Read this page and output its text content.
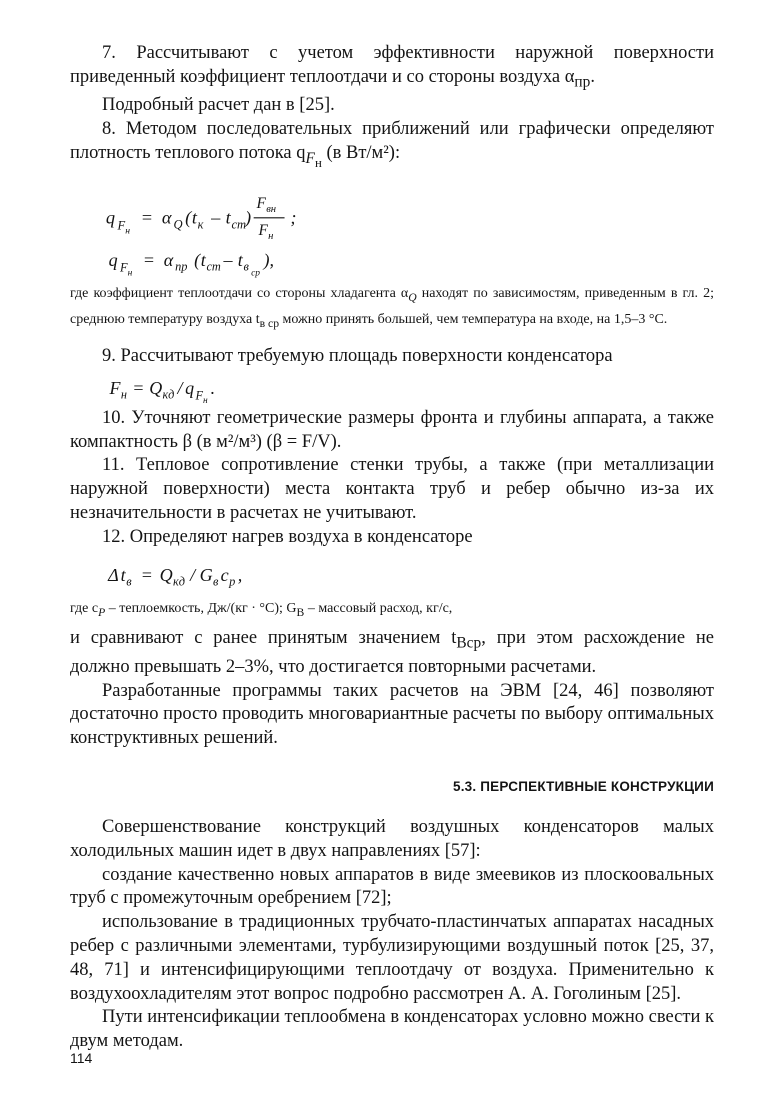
7. Рассчитывают с учетом эффективности наружной поверхности приведенный коэффициент теплоотдачи и со стороны воздуха $\alpha_{пр}$.

Подробный расчет дан в [25].

8. Методом последовательных приближений или графически определяют плотность теплового потока $q_{F_н}$ (в Вт/м²):

q F н
= α Q ( t к – t ст
)
F вн
F н
;
q F н
= α пр ( t ст – t в ср
),

где коэффициент теплоотдачи со стороны хладагента $\alpha_Q$ находят по зависимостям, приведенным в гл. 2; среднюю температуру воздуха $t_{в ср}$ можно принять большей, чем температура на входе, на 1,5–3 °С.

9. Рассчитывают требуемую площадь поверхности конденсатора

F н = Q кд / q F н
.

10. Уточняют геометрические размеры фронта и глубины аппарата, а также компактность β (в м²/м³) (β = F/V).

11. Тепловое сопротивление стенки трубы, а также (при металлизации наружной поверхности) места контакта труб и ребер обычно из-за их незначительности в расчетах не учитывают.

12. Определяют нагрев воздуха в конденсаторе

Δ t в = Q кд / G в c p ,

где $c_P$ – теплоемкость, Дж/(кг · °С); $G_В$ – массовый расход, кг/с,

и сравнивают с ранее принятым значением $t_{Вср}$, при этом расхождение не должно превышать 2–3%, что достигается повторными расчетами.

Разработанные программы таких расчетов на ЭВМ [24, 46] позволяют достаточно просто проводить многовариантные расчеты по выбору оптимальных конструктивных решений.

5.3. ПЕРСПЕКТИВНЫЕ КОНСТРУКЦИИ

Совершенствование конструкций воздушных конденсаторов малых холодильных машин идет в двух направлениях [57]:

создание качественно новых аппаратов в виде змеевиков из плоскоовальных труб с промежуточным оребрением [72];

использование в традиционных трубчато-пластинчатых аппаратах насадных ребер с различными элементами, турбулизирующими воздушный поток [25, 37, 48, 71] и интенсифицирующими теплоотдачу от воздуха. Применительно к воздухоохладителям этот вопрос подробно рассмотрен А. А. Гоголиным [25].

Пути интенсификации теплообмена в конденсаторах условно можно свести к двум методам.

114
